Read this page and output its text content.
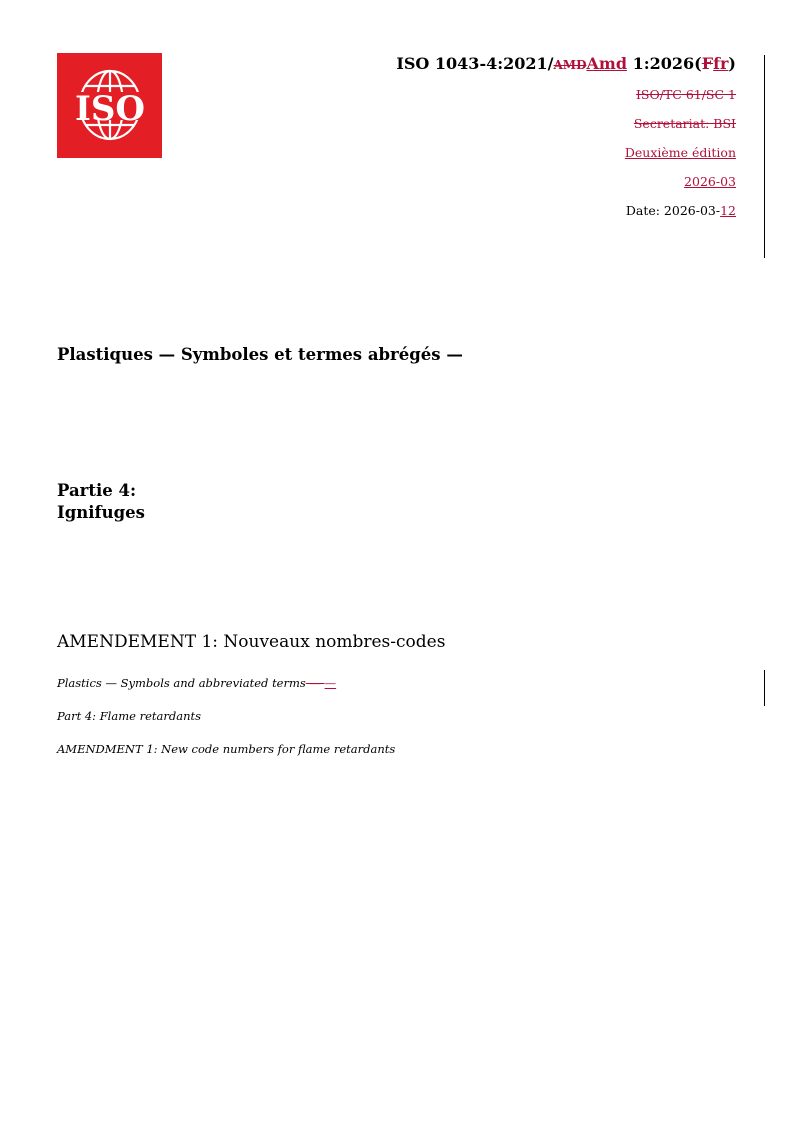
ISO
ISO 1043-4:2021/AMDAmd 1:2026(Ffr)
ISO/TC 61/SC 1
Secretariat: BSI
Deuxième édition
2026-03
Date: 2026-03-12
Plastiques — Symboles et termes abrégés —
Partie 4:
Ignifuges
AMENDEMENT 1: Nouveaux nombres-codes
Plastics — Symbols and abbreviated terms — —
Part 4: Flame retardants
AMENDMENT 1: New code numbers for flame retardants
